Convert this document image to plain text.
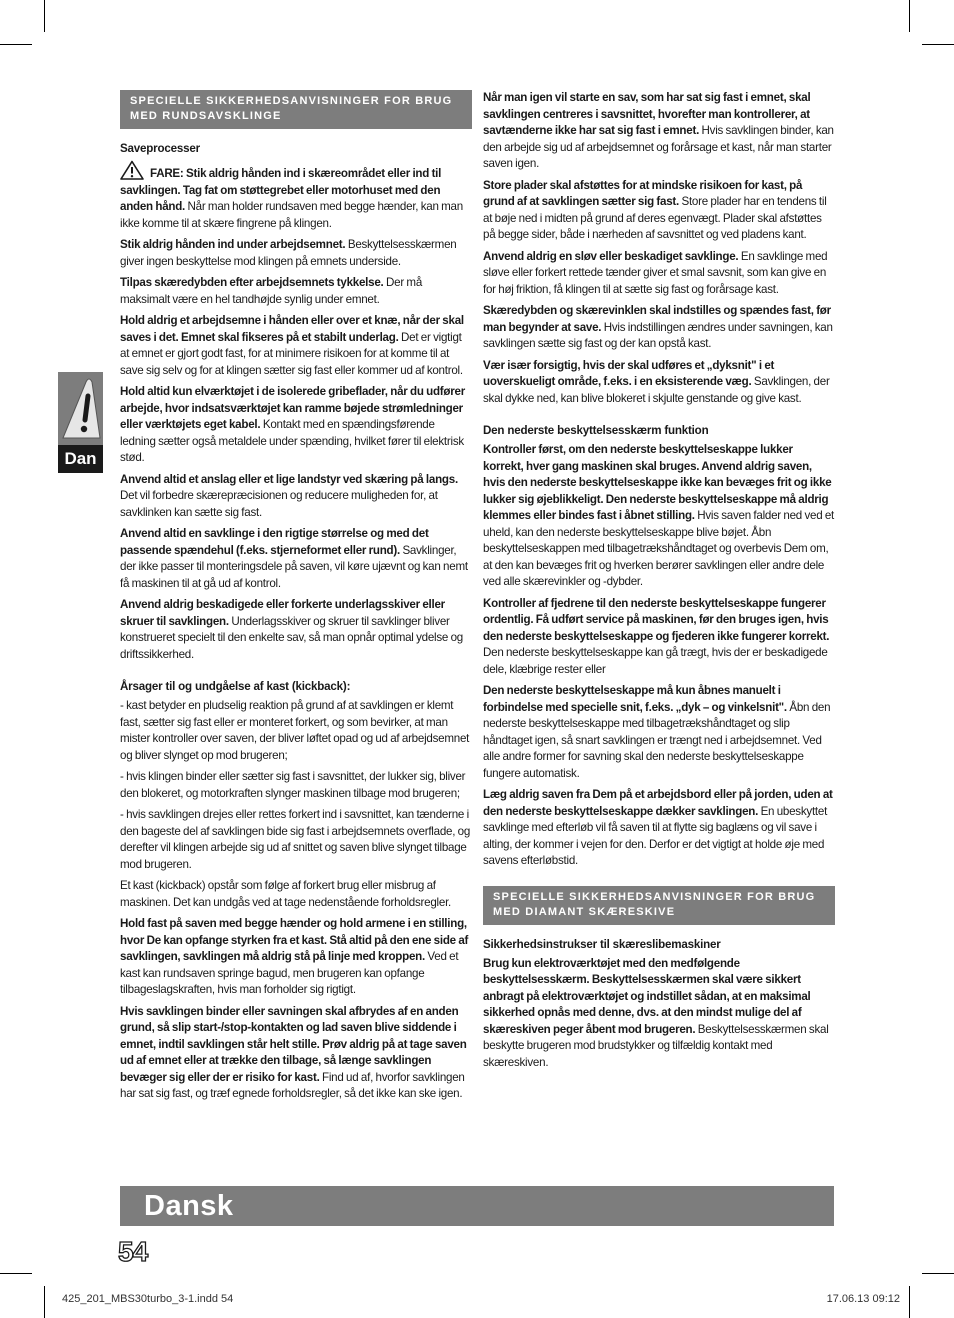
Dan
SPECIELLE SIKKERHEDSANVISNINGER FOR BRUG MED RUNDSAVSKLINGE
Saveprocesser

FARE: Stik aldrig hånden ind i skæreområdet eller ind til savklingen. Tag fat om støttegrebet eller motorhuset med den anden hånd. Når man holder rundsaven med begge hænder, kan man ikke komme til at skære fingrene på klingen.

Stik aldrig hånden ind under arbejdsemnet. Beskyttelsesskærmen giver ingen beskyttelse mod klingen på emnets underside.

Tilpas skæredybden efter arbejdsemnets tykkelse. Der må maksimalt være en hel tandhøjde synlig under emnet.

Hold aldrig et arbejdsemne i hånden eller over et knæ, når der skal saves i det. Emnet skal fikseres på et stabilt underlag. Det er vigtigt at emnet er gjort godt fast, for at minimere risikoen for at komme til at save sig selv og for at klingen sætter sig fast eller kommer ud af kontrol.

Hold altid kun elværktøjet i de isolerede gribeflader, når du udfører arbejde, hvor indsatsværktøjet kan ramme bøjede strømledninger eller værktøjets eget kabel. Kontakt med en spændingsførende ledning sætter også metaldele under spænding, hvilket fører til elektrisk stød.

Anvend altid et anslag eller et lige landstyr ved skæring på langs. Det vil forbedre skærepræcisionen og reducere muligheden for, at savklinken kan sætte sig fast.

Anvend altid en savklinge i den rigtige størrelse og med det passende spændehul (f.eks. stjerneformet eller rund). Savklinger, der ikke passer til monteringsdele på saven, vil køre ujævnt og kan nemt få maskinen til at gå ud af kontrol.

Anvend aldrig beskadigede eller forkerte underlagsskiver eller skruer til savklingen. Underlagsskiver og skruer til savklinger bliver konstrueret specielt til den enkelte sav, så man opnår optimal ydelse og driftssikkerhed.

Årsager til og undgåelse af kast (kickback):

- kast betyder en pludselig reaktion på grund af at savklingen er klemt fast, sætter sig fast eller er monteret forkert, og som bevirker, at man mister kontroller over saven, der bliver løftet opad og ud af arbejdsemnet og bliver slynget op mod brugeren;

- hvis klingen binder eller sætter sig fast i savsnittet, der lukker sig, bliver den blokeret, og motorkraften slynger maskinen tilbage mod brugeren;

- hvis savklingen drejes eller rettes forkert ind i savsnittet, kan tænderne i den bageste del af savklingen bide sig fast i arbejdsemnets overflade, og derefter vil klingen arbejde sig ud af snittet og saven blive slynget tilbage mod brugeren.

Et kast (kickback) opstår som følge af forkert brug eller misbrug af maskinen. Det kan undgås ved at tage nedenstående forholdsregler.

Hold fast på saven med begge hænder og hold armene i en stilling, hvor De kan opfange styrken fra et kast. Stå altid på den ene side af savklingen, savklingen må aldrig stå på linje med kroppen. Ved et kast kan rundsaven springe bagud, men brugeren kan opfange tilbageslagskraften, hvis man forholder sig rigtigt.

Hvis savklingen binder eller savningen skal afbrydes af en anden grund, så slip start-/stop-kontakten og lad saven blive siddende i emnet, indtil savklingen står helt stille. Prøv aldrig på at tage saven ud af emnet eller at trække den tilbage, så længe savklingen bevæger sig eller der er risiko for kast. Find ud af, hvorfor savklingen har sat sig fast, og træf egnede forholdsregler, så det ikke kan ske igen.

Når man igen vil starte en sav, som har sat sig fast i emnet, skal savklingen centreres i savsnittet, hvorefter man kontrollerer, at savtænderne ikke har sat sig fast i emnet. Hvis savklingen binder, kan den arbejde sig ud af arbejdsemnet og forårsage et kast, når man starter saven igen.

Store plader skal afstøttes for at mindske risikoen for kast, på grund af at savklingen sætter sig fast. Store plader har en tendens til at bøje ned i midten på grund af deres egenvægt. Plader skal afstøttes på begge sider, både i nærheden af savsnittet og ved pladens kant.

Anvend aldrig en sløv eller beskadiget savklinge. En savklinge med sløve eller forkert rettede tænder giver et smal savsnit, som kan give en for høj friktion, få klingen til at sætte sig fast og forårsage kast.

Skæredybden og skærevinklen skal indstilles og spændes fast, før man begynder at save. Hvis indstillingen ændres under savningen, kan savklingen sætte sig fast og der kan opstå kast.

Vær især forsigtig, hvis der skal udføres et „dyksnit" i et uoverskueligt område, f.eks. i en eksisterende væg. Savklingen, der skal dykke ned, kan blive blokeret i skjulte genstande og give kast.

Den nederste beskyttelsesskærm funktion

Kontroller først, om den nederste beskyttelseskappe lukker korrekt, hver gang maskinen skal bruges. Anvend aldrig saven, hvis den nederste beskyttelseskappe ikke kan bevæges frit og ikke lukker sig øjeblikkeligt. Den nederste beskyttelseskappe må aldrig klemmes eller bindes fast i åbnet stilling. Hvis saven falder ned ved et uheld, kan den nederste beskyttelseskappe blive bøjet. Åbn beskyttelseskappen med tilbagetrækshåndtaget og overbevis Dem om, at den kan bevæges frit og hverken berører savklingen eller andre dele ved alle skærevinkler og -dybder.

Kontroller af fjedrene til den nederste beskyttelseskappe fungerer ordentlig. Få udført service på maskinen, før den bruges igen, hvis den nederste beskyttelseskappe og fjederen ikke fungerer korrekt. Den nederste beskyttelseskappe kan gå trægt, hvis der er beskadigede dele, klæbrige rester eller

Den nederste beskyttelseskappe må kun åbnes manuelt i forbindelse med specielle snit, f.eks. „dyk – og vinkelsnit". Åbn den nederste beskyttelseskappe med tilbagetrækshåndtaget og slip håndtaget igen, så snart savklingen er trængt ned i arbejdsemnet. Ved alle andre former for savning skal den nederste beskyttelseskappe fungere automatisk.

Læg aldrig saven fra Dem på et arbejdsbord eller på jorden, uden at den nederste beskyttelseskappe dækker savklingen. En ubeskyttet savklinge med efterløb vil få saven til at flytte sig baglæns og vil save i alting, der kommer i vejen for den. Derfor er det vigtigt at holde øje med savens efterløbstid.

SPECIELLE SIKKERHEDSANVISNINGER FOR BRUG MED DIAMANT SKÆRESKIVE
Sikkerhedsinstrukser til skæreslibemaskiner

Brug kun elektroværktøjet med den medfølgende beskyttelsesskærm. Beskyttelsesskærmen skal være sikkert anbragt på elektroværktøjet og indstillet sådan, at en maksimal sikkerhed opnås med denne, dvs. at den mindst mulige del af skæreskiven peger åbent mod brugeren. Beskyttelsesskærmen skal beskytte brugeren mod brudstykker og tilfældig kontakt med skæreskiven.

Dansk
54
425_201_MBS30turbo_3-1.indd 54	17.06.13 09:12
